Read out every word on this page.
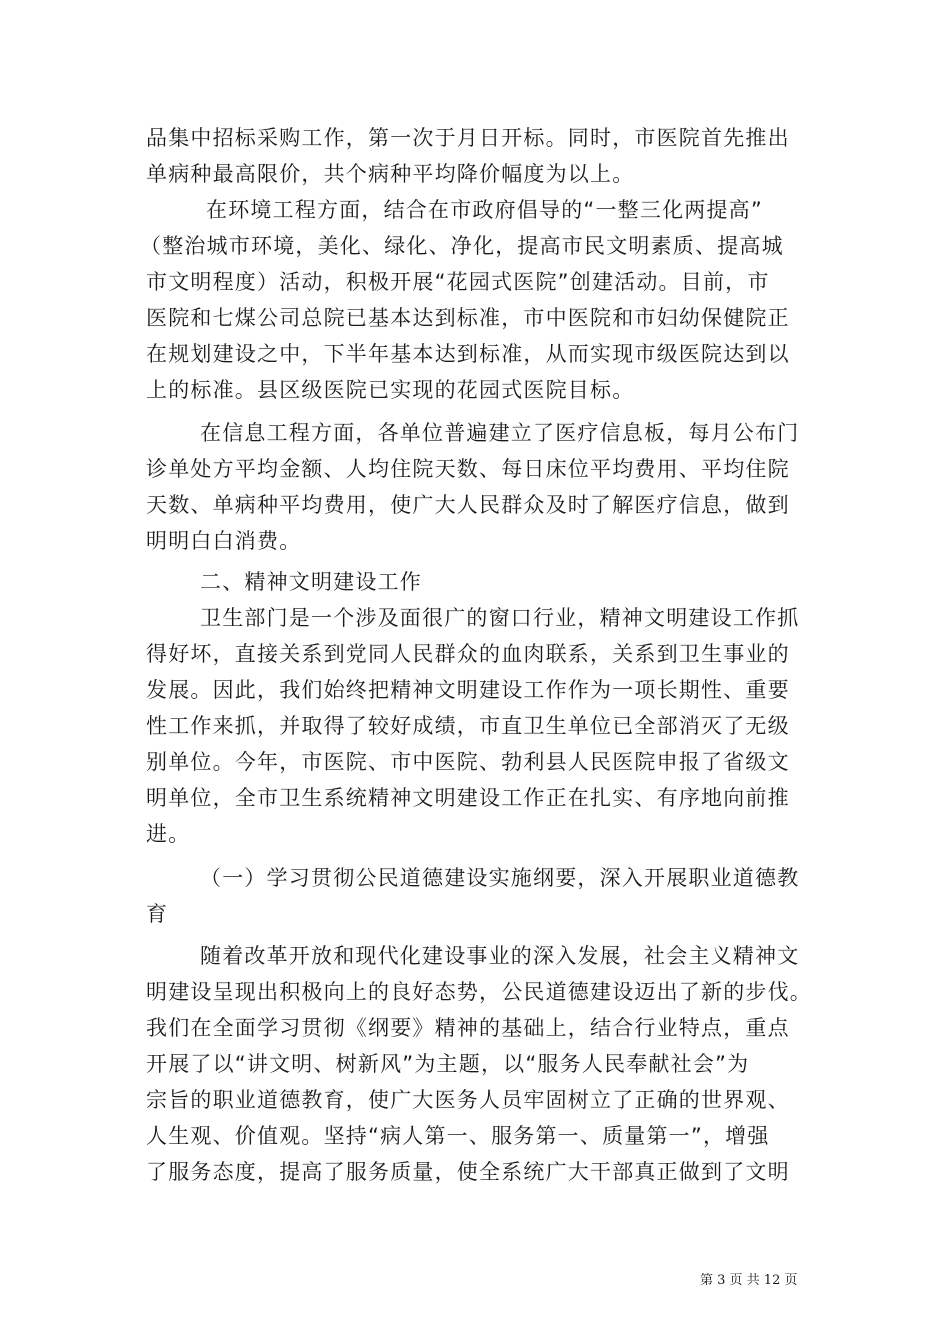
品集中招标采购工作，第一次于月日开标。同时，市医院首先推出
单病种最高限价，共个病种平均降价幅度为以上。
在环境工程方面，结合在市政府倡导的“一整三化两提高”
（整治城市环境，美化、绿化、净化，提高市民文明素质、提高城
市文明程度）活动，积极开展“花园式医院”创建活动。目前，市
医院和七煤公司总院已基本达到标准，市中医院和市妇幼保健院正
在规划建设之中，下半年基本达到标准，从而实现市级医院达到以
上的标准。县区级医院已实现的花园式医院目标。
在信息工程方面，各单位普遍建立了医疗信息板，每月公布门
诊单处方平均金额、人均住院天数、每日床位平均费用、平均住院
天数、单病种平均费用，使广大人民群众及时了解医疗信息，做到
明明白白消费。
二、精神文明建设工作
卫生部门是一个涉及面很广的窗口行业，精神文明建设工作抓
得好坏，直接关系到党同人民群众的血肉联系，关系到卫生事业的
发展。因此，我们始终把精神文明建设工作作为一项长期性、重要
性工作来抓，并取得了较好成绩，市直卫生单位已全部消灭了无级
别单位。今年，市医院、市中医院、勃利县人民医院申报了省级文
明单位，全市卫生系统精神文明建设工作正在扎实、有序地向前推
进。
（一）学习贯彻公民道德建设实施纲要，深入开展职业道德教
育
随着改革开放和现代化建设事业的深入发展，社会主义精神文
明建设呈现出积极向上的良好态势，公民道德建设迈出了新的步伐。
我们在全面学习贯彻《纲要》精神的基础上，结合行业特点，重点
开展了以“讲文明、树新风”为主题，以“服务人民奉献社会”为
宗旨的职业道德教育，使广大医务人员牢固树立了正确的世界观、
人生观、价值观。坚持“病人第一、服务第一、质量第一”，增强
了服务态度，提高了服务质量，使全系统广大干部真正做到了文明
第 3 页 共 12 页
